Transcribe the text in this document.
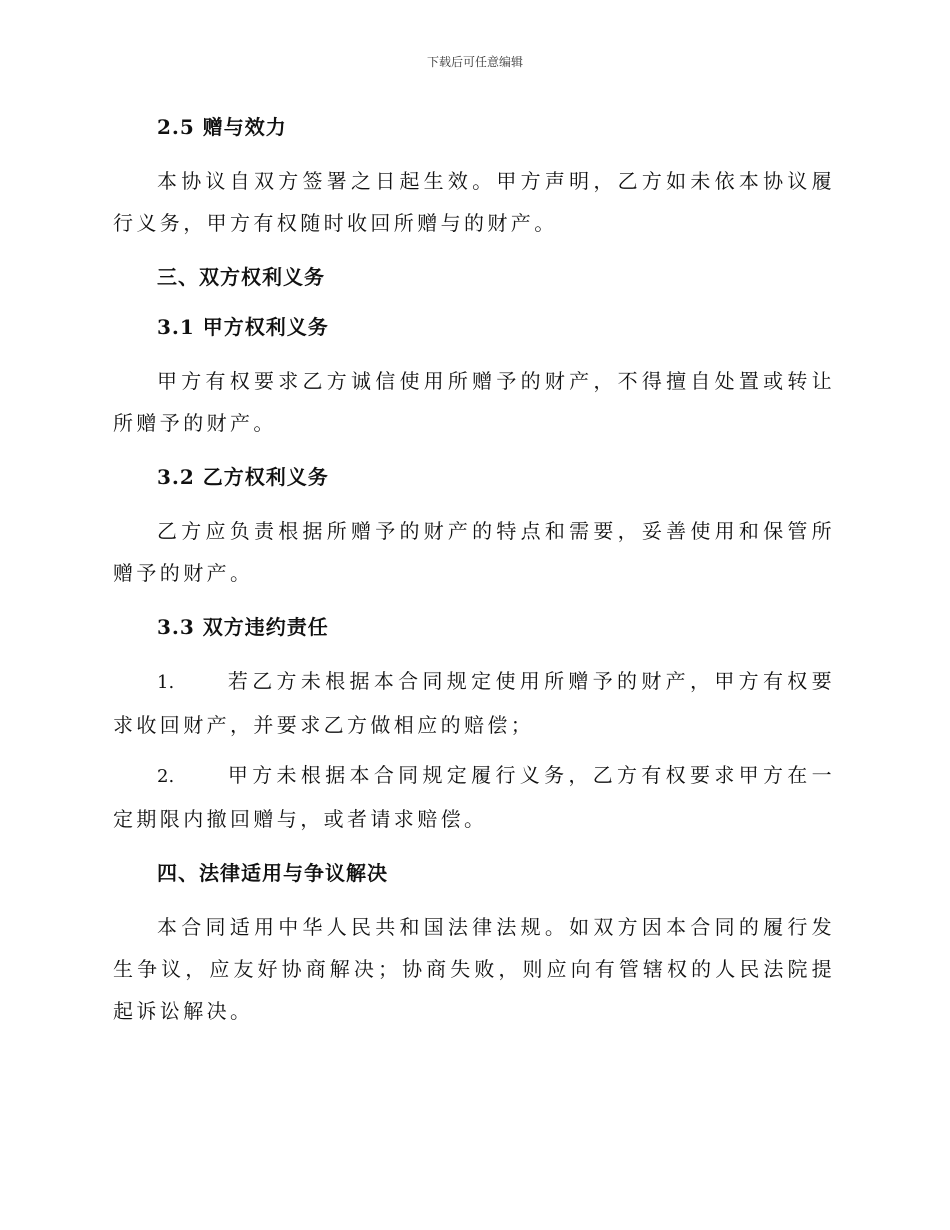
下载后可任意编辑
2.5 赠与效力

本协议自双方签署之日起生效。甲方声明，乙方如未依本协议履行义务，甲方有权随时收回所赠与的财产。

三、双方权利义务
3.1 甲方权利义务

甲方有权要求乙方诚信使用所赠予的财产，不得擅自处置或转让所赠予的财产。

3.2 乙方权利义务

乙方应负责根据所赠予的财产的特点和需要，妥善使用和保管所赠予的财产。

3.3 双方违约责任

1.	若乙方未根据本合同规定使用所赠予的财产，甲方有权要求收回财产，并要求乙方做相应的赔偿；

2.	甲方未根据本合同规定履行义务，乙方有权要求甲方在一定期限内撤回赠与，或者请求赔偿。

四、法律适用与争议解决

本合同适用中华人民共和国法律法规。如双方因本合同的履行发生争议，应友好协商解决；协商失败，则应向有管辖权的人民法院提起诉讼解决。
